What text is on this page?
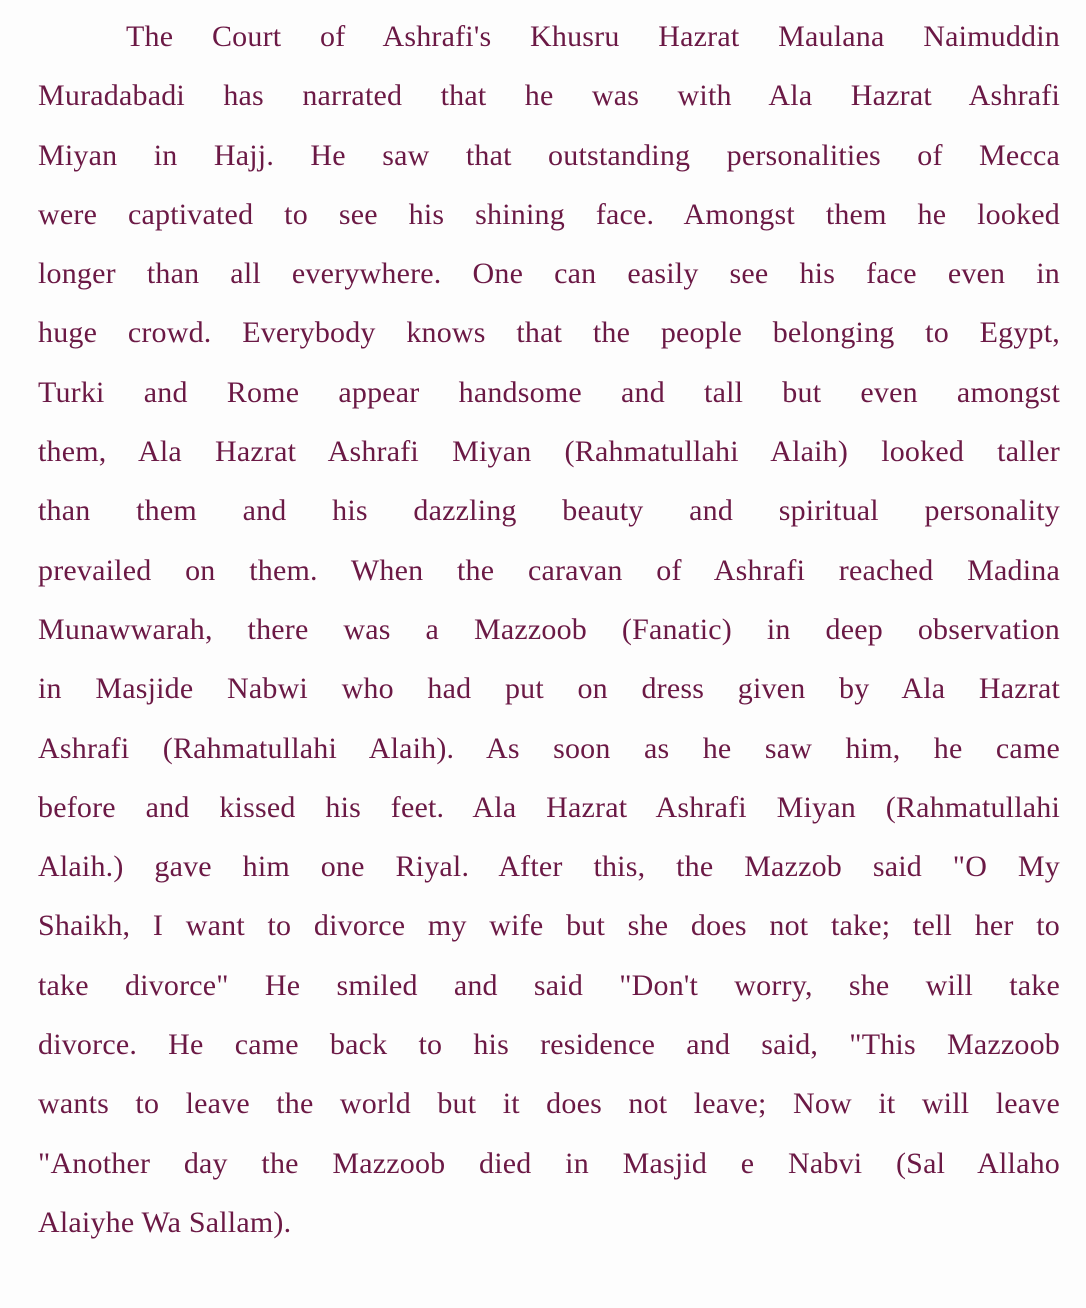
The Court of Ashrafi's Khusru Hazrat Maulana Naimuddin
Muradabadi has narrated that he was with Ala Hazrat Ashrafi
Miyan in Hajj. He saw that outstanding personalities of Mecca
were captivated to see his shining face. Amongst them he looked
longer than all everywhere. One can easily see his face even in
huge crowd. Everybody knows that the people belonging to Egypt,
Turki and Rome appear handsome and tall but even amongst
them, Ala Hazrat Ashrafi Miyan (Rahmatullahi Alaih) looked taller
than them and his dazzling beauty and spiritual personality
prevailed on them. When the caravan of Ashrafi reached Madina
Munawwarah, there was a Mazzoob (Fanatic) in deep observation
in Masjide Nabwi who had put on dress given by Ala Hazrat
Ashrafi (Rahmatullahi Alaih). As soon as he saw him, he came
before and kissed his feet. Ala Hazrat Ashrafi Miyan (Rahmatullahi
Alaih.) gave him one Riyal. After this, the Mazzob said "O My
Shaikh, I want to divorce my wife but she does not take; tell her to
take divorce" He smiled and said "Don't worry, she will take
divorce. He came back to his residence and said, "This Mazzoob
wants to leave the world but it does not leave; Now it will leave
"Another day the Mazzoob died in Masjid e Nabvi (Sal Allaho
Alaiyhe Wa Sallam).
